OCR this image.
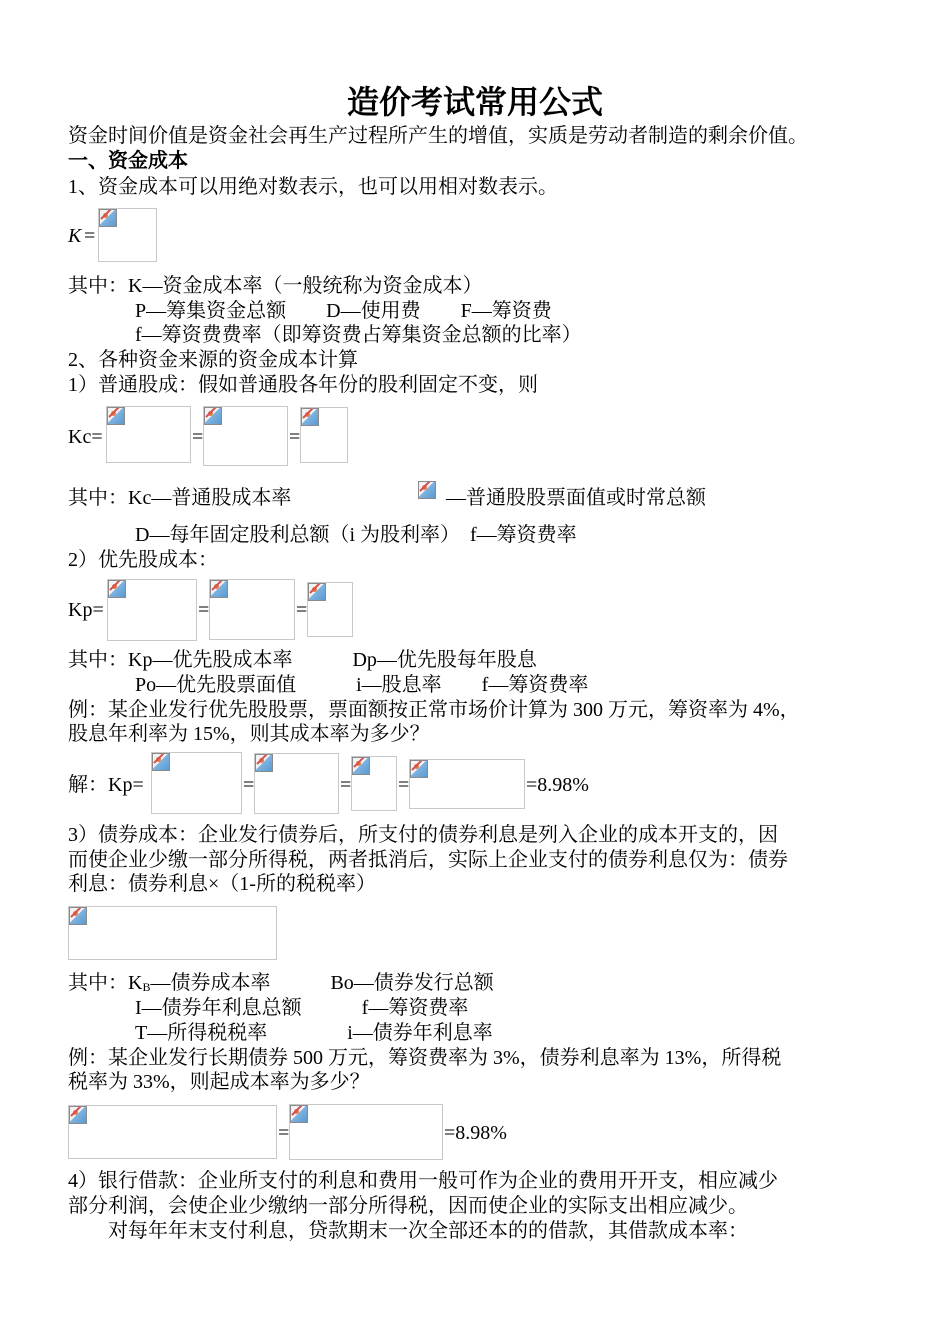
造价考试常用公式
资金时间价值是资金社会再生产过程所产生的增值，实质是劳动者制造的剩余价值。
一、资金成本
1、资金成本可以用绝对数表示，也可以用相对数表示。
K =
其中：K—资金成本率（一般统称为资金成本）
P—筹集资金总额　　D—使用费　　F—筹资费
f—筹资费费率（即筹资费占筹集资金总额的比率）
2、各种资金来源的资金成本计算
1）普通股成：假如普通股各年份的股利固定不变，则
Kc=	=	=
其中：Kc—普通股成本率	—普通股股票面值或时常总额
D—每年固定股利总额（i 为股利率）　f—筹资费率
2）优先股成本：
Kp=	=	=
其中：Kp—优先股成本率　　　Dp—优先股每年股息
Po—优先股票面值　　　i—股息率　　f—筹资费率
例：某企业发行优先股股票，票面额按正常市场价计算为 300 万元，筹资率为 4%，
股息年利率为 15%，则其成本率为多少？
解：Kp=	=	= =	=8.98%
3）债券成本：企业发行债券后，所支付的债券利息是列入企业的成本开支的，因
而使企业少缴一部分所得税，两者抵消后，实际上企业支付的债券利息仅为：债券
利息：债券利息×（1-所的税税率）
其中：$K_B—$债券成本率　　　Bo—债券发行总额
I—债券年利息总额　　　f—筹资费率
T—所得税税率　　　　i—债券年利息率
例：某企业发行长期债券 500 万元，筹资费率为 3%，债券利息率为 13%，所得税
税率为 33%，则起成本率为多少？
=	=8.98%
4）银行借款：企业所支付的利息和费用一般可作为企业的费用开开支，相应减少
部分利润，会使企业少缴纳一部分所得税，因而使企业的实际支出相应减少。
　　对每年年末支付利息，贷款期末一次全部还本的的借款，其借款成本率：
